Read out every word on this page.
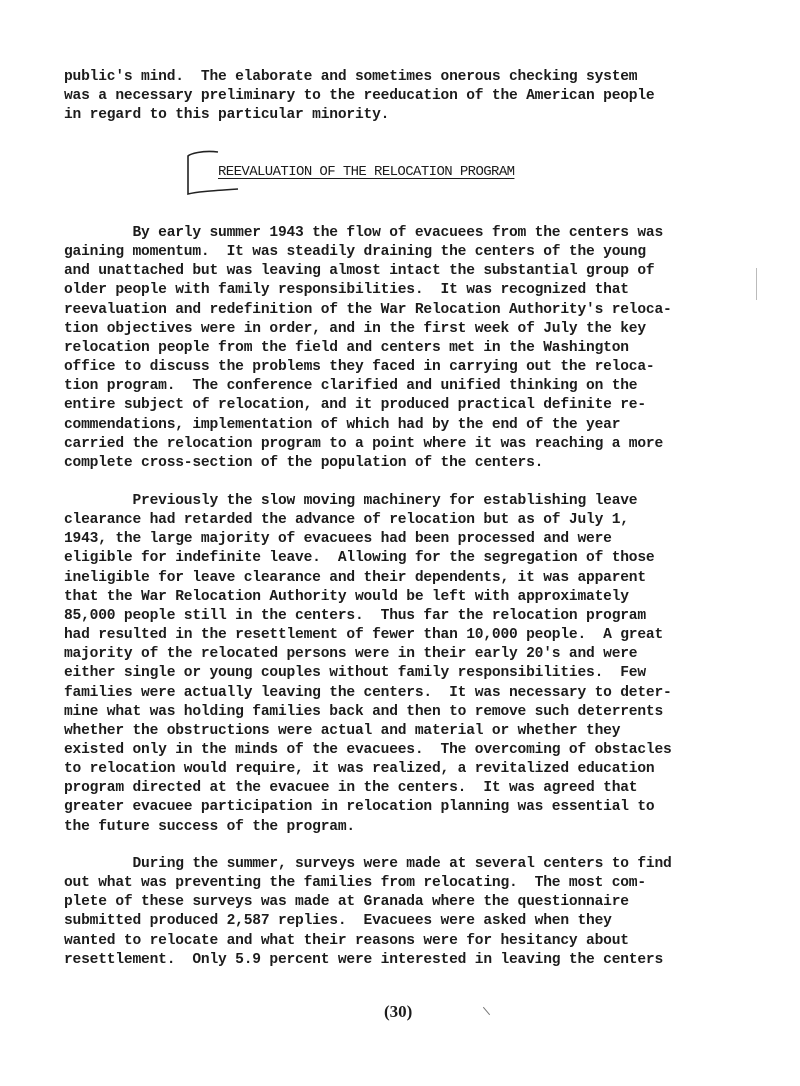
public's mind.  The elaborate and sometimes onerous checking system
was a necessary preliminary to the reeducation of the American people
in regard to this particular minority.
REEVALUATION OF THE RELOCATION PROGRAM
By early summer 1943 the flow of evacuees from the centers was
gaining momentum.  It was steadily draining the centers of the young
and unattached but was leaving almost intact the substantial group of
older people with family responsibilities.  It was recognized that
reevaluation and redefinition of the War Relocation Authority's reloca-
tion objectives were in order, and in the first week of July the key
relocation people from the field and centers met in the Washington
office to discuss the problems they faced in carrying out the reloca-
tion program.  The conference clarified and unified thinking on the
entire subject of relocation, and it produced practical definite re-
commendations, implementation of which had by the end of the year
carried the relocation program to a point where it was reaching a more
complete cross-section of the population of the centers.
Previously the slow moving machinery for establishing leave
clearance had retarded the advance of relocation but as of July 1,
1943, the large majority of evacuees had been processed and were
eligible for indefinite leave.  Allowing for the segregation of those
ineligible for leave clearance and their dependents, it was apparent
that the War Relocation Authority would be left with approximately
85,000 people still in the centers.  Thus far the relocation program
had resulted in the resettlement of fewer than 10,000 people.  A great
majority of the relocated persons were in their early 20's and were
either single or young couples without family responsibilities.  Few
families were actually leaving the centers.  It was necessary to deter-
mine what was holding families back and then to remove such deterrents
whether the obstructions were actual and material or whether they
existed only in the minds of the evacuees.  The overcoming of obstacles
to relocation would require, it was realized, a revitalized education
program directed at the evacuee in the centers.  It was agreed that
greater evacuee participation in relocation planning was essential to
the future success of the program.
During the summer, surveys were made at several centers to find
out what was preventing the families from relocating.  The most com-
plete of these surveys was made at Granada where the questionnaire
submitted produced 2,587 replies.  Evacuees were asked when they
wanted to relocate and what their reasons were for hesitancy about
resettlement.  Only 5.9 percent were interested in leaving the centers
(30)
